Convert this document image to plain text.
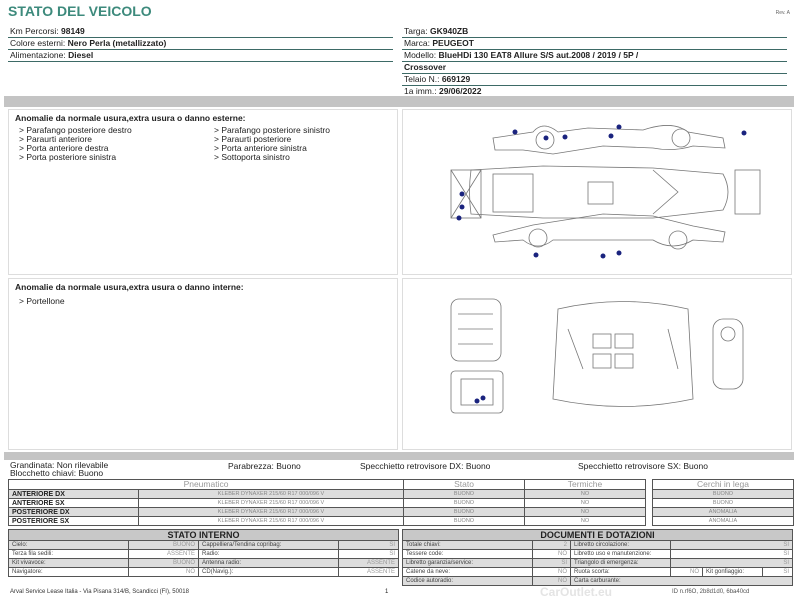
STATO DEL VEICOLO	Rev. A
Km Percorsi: 98149
Colore esterni: Nero Perla (metallizzato)
Alimentazione: Diesel
Targa: GK940ZB
Marca: PEUGEOT
Modello: BlueHDi 130 EAT8 Allure S/S aut.2008 / 2019 / 5P /
Crossover
Telaio N.: 669129
1a imm.: 29/06/2022
Anomalie da normale usura,extra usura o danno esterne:
> Parafango posteriore destro	> Parafango posteriore sinistro
> Paraurti anteriore	> Paraurti posteriore
> Porta anteriore destra	> Porta anteriore sinistra
> Porta posteriore sinistra	> Sottoporta sinistro
Anomalie da normale usura,extra usura o danno interne:
> Portellone
Grandinata: Non rilevabile
Blocchetto chiavi: Buono
Parabrezza: Buono	Specchietto retrovisore DX: Buono	Specchietto retrovisore SX: Buono
Pneumatico		Stato	Termiche
ANTERIORE DX	KLEBER DYNAXER 215/60 R17 000/096 V	BUONO	NO
ANTERIORE SX	KLEBER DYNAXER 215/60 R17 000/096 V	BUONO	NO
POSTERIORE DX	KLEBER DYNAXER 215/60 R17 000/096 V	BUONO	NO
POSTERIORE SX	KLEBER DYNAXER 215/60 R17 000/096 V	BUONO	NO
Cerchi in lega
BUONO
BUONO
ANOMALIA
ANOMALIA
STATO INTERNO			
Cielo:	BUONO	Cappelliera/Tendina copribag:	SI
Terza fila sedili:	ASSENTE	Radio:	SI
Kit vivavoce:	BUONO	Antenna radio:	ASSENTE
Navigatore:	NO	CD(Navig.):	ASSENTE
DOCUMENTI E DOTAZIONI					
Totale chiavi:	2	Libretto circolazione:	SI		
Tessere code:	NO	Libretto uso e manutenzione:	SI		
Libretto garanzia/service:	SI	Triangolo di emergenza:	SI		
Catene da neve:	NO	Ruota scorta:	NO	Kit gonfiaggio:	SI
Codice autoradio:	NO	Carta carburante:			
CarOutlet.eu
Arval Service Lease Italia - Via Pisana 314/B, Scandicci (FI), 50018	1	ID n.rf6O, 2b8d1d0, 6ba40cd
